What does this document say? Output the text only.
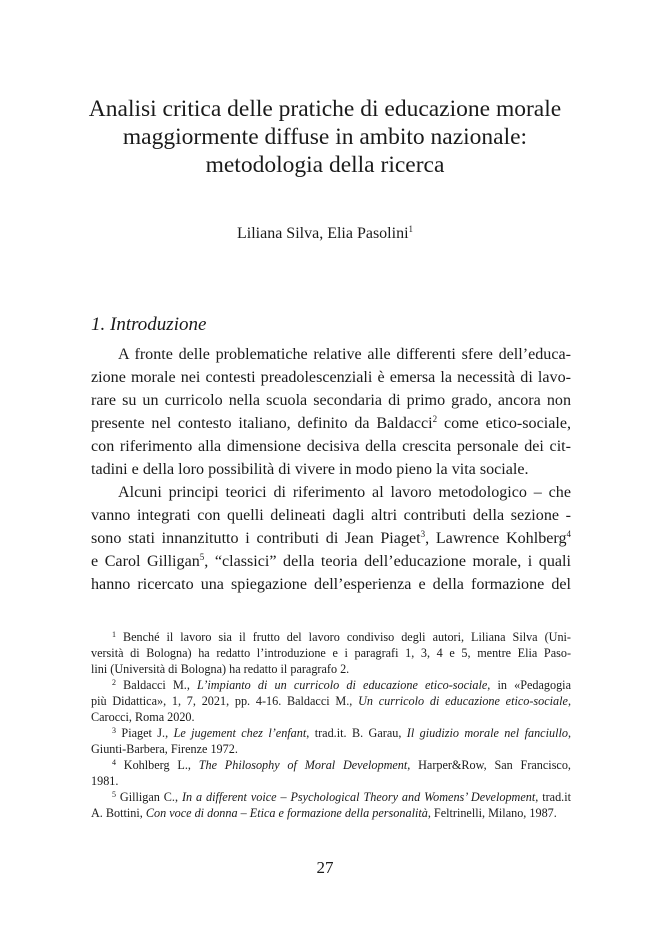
Analisi critica delle pratiche di educazione morale
maggiormente diffuse in ambito nazionale:
metodologia della ricerca
Liliana Silva, Elia Pasolini$^1$
1. Introduzione
A fronte delle problematiche relative alle differenti sfere dell’educa-
zione morale nei contesti preadolescenziali è emersa la necessità di lavo-
rare su un curricolo nella scuola secondaria di primo grado, ancora non
presente nel contesto italiano, definito da Baldacci$^2$ come etico-sociale,
con riferimento alla dimensione decisiva della crescita personale dei cit-
tadini e della loro possibilità di vivere in modo pieno la vita sociale.
Alcuni principi teorici di riferimento al lavoro metodologico – che
vanno integrati con quelli delineati dagli altri contributi della sezione -
sono stati innanzitutto i contributi di Jean Piaget$^3$, Lawrence Kohlberg$^4$
e Carol Gilligan$^5$, “classici” della teoria dell’educazione morale, i quali
hanno ricercato una spiegazione dell’esperienza e della formazione del
$^1$ Benché il lavoro sia il frutto del lavoro condiviso degli autori, Liliana Silva (Uni-
versità di Bologna) ha redatto l’introduzione e i paragrafi 1, 3, 4 e 5, mentre Elia Paso-
lini (Università di Bologna) ha redatto il paragrafo 2.
$^2$ Baldacci M., L’impianto di un curricolo di educazione etico-sociale, in «Pedagogia
più Didattica», 1, 7, 2021, pp. 4-16. Baldacci M., Un curricolo di educazione etico-sociale,
Carocci, Roma 2020.
$^3$ Piaget J., Le jugement chez l’enfant, trad.it. B. Garau, Il giudizio morale nel fanciullo,
Giunti-Barbera, Firenze 1972.
$^4$ Kohlberg L., The Philosophy of Moral Development, Harper&Row, San Francisco,
1981.
$^5$ Gilligan C., In a different voice – Psychological Theory and Womens’ Development, trad.it
A. Bottini, Con voce di donna – Etica e formazione della personalità, Feltrinelli, Milano, 1987.
27
